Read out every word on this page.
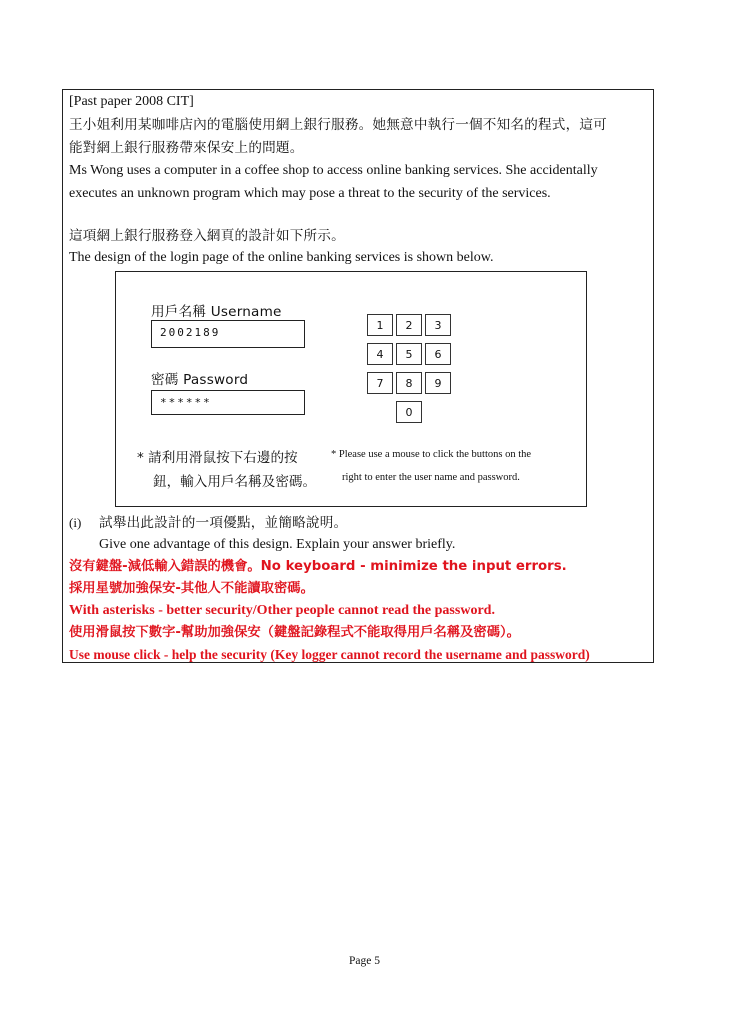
[Past paper 2008 CIT]
王小姐利用某咖啡店內的電腦使用網上銀行服務。她無意中執行一個不知名的程式，這可
能對網上銀行服務帶來保安上的問題。
Ms Wong uses a computer in a coffee shop to access online banking services. She accidentally
executes an unknown program which may pose a threat to the security of the services.
這項網上銀行服務登入網頁的設計如下所示。
The design of the login page of the online banking services is shown below.
用戶名稱 Username
2002189
密碼 Password
******
1	2	3
4	5	6
7	8	9
0
* 請利用滑鼠按下右邊的按
鈕，輸入用戶名稱及密碼。
* Please use a mouse to click the buttons on the
right to enter the user name and password.
(i) 試舉出此設計的一項優點，並簡略說明。
Give one advantage of this design. Explain your answer briefly.
沒有鍵盤-減低輸入錯誤的機會。No keyboard - minimize the input errors.
採用星號加強保安-其他人不能讀取密碼。
With asterisks - better security/Other people cannot read the password.
使用滑鼠按下數字-幫助加強保安（鍵盤記錄程式不能取得用戶名稱及密碼）。
Use mouse click - help the security (Key logger cannot record the username and password)
Page 5
